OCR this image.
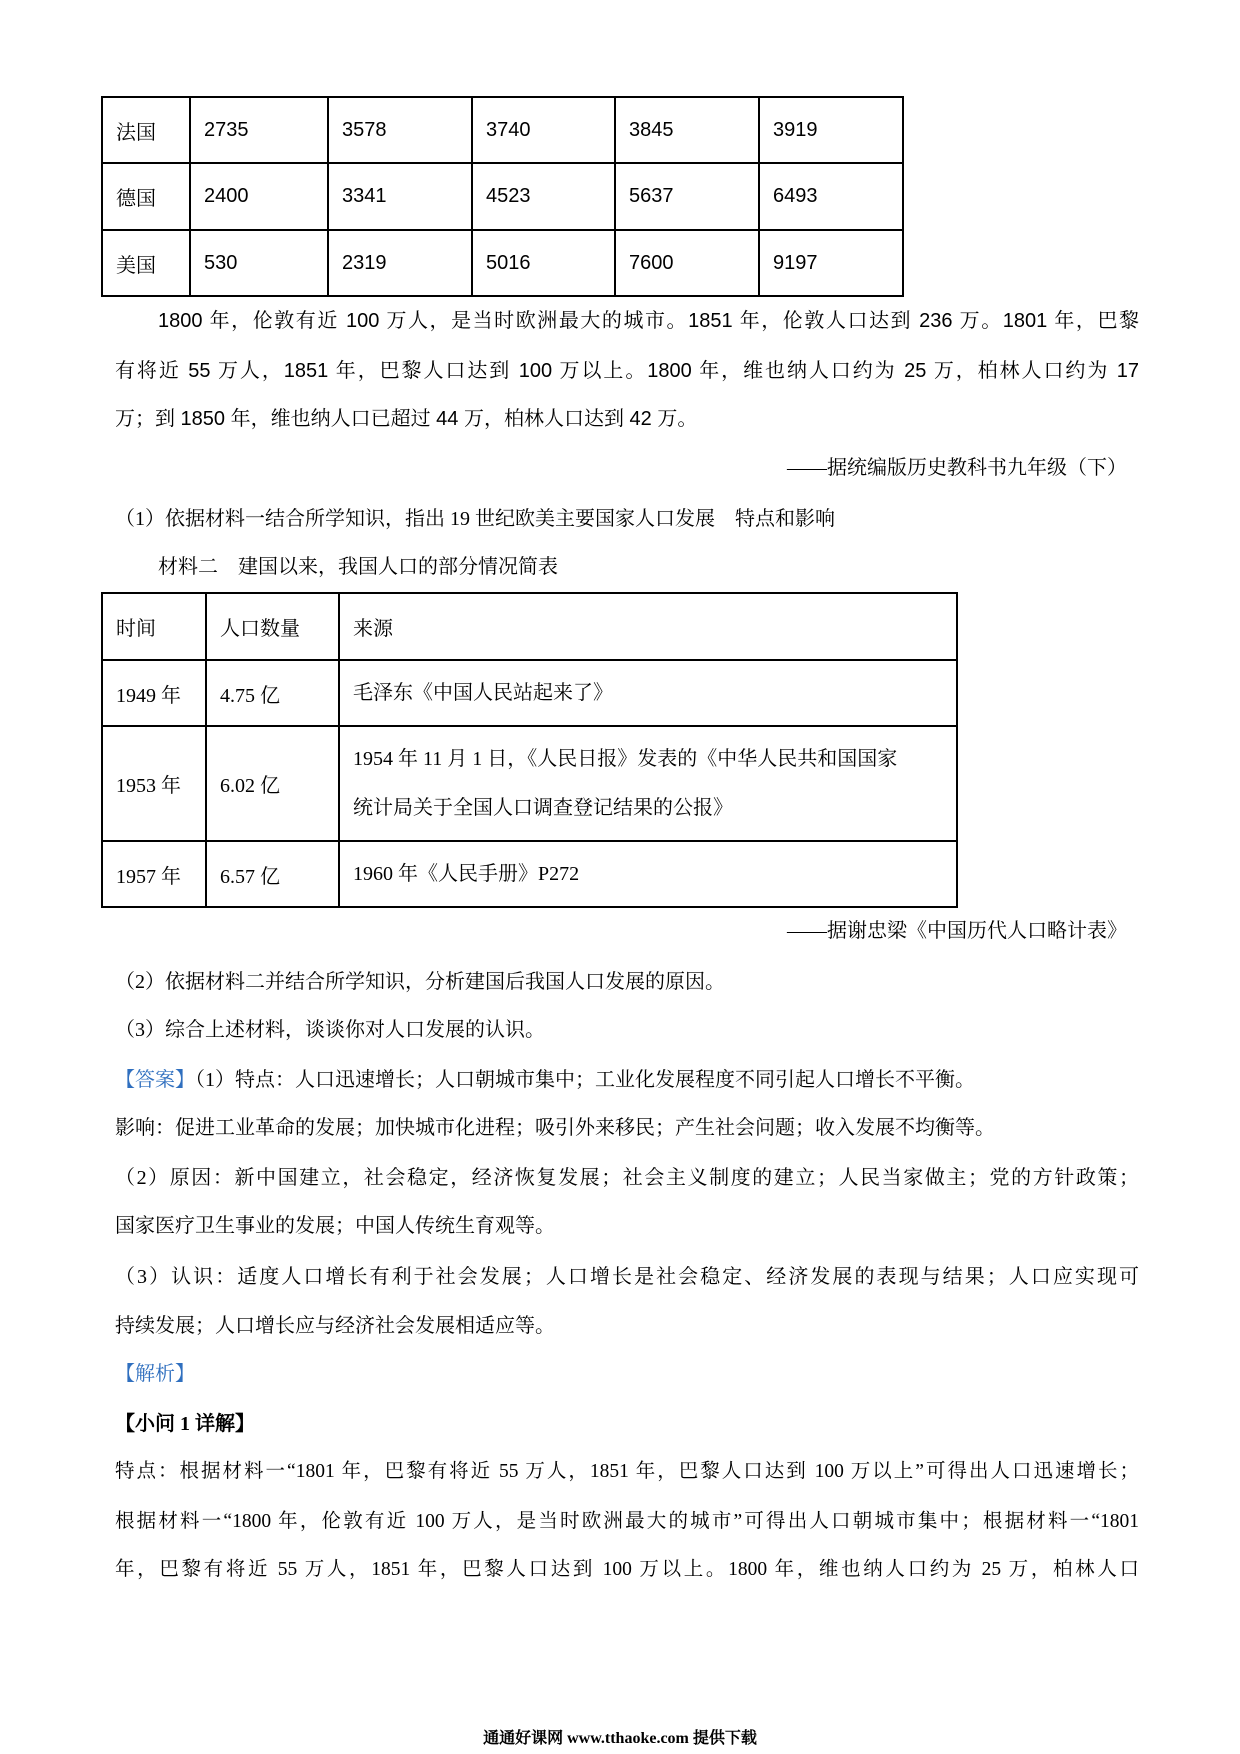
法国	2735	3578	3740	3845	3919
德国	2400	3341	4523	5637	6493
美国	530	2319	5016	7600	9197
1800 年，伦敦有近 100 万人，是当时欧洲最大的城市。1851 年，伦敦人口达到 236 万。1801 年，巴黎
有将近 55 万人，1851 年，巴黎人口达到 100 万以上。1800 年，维也纳人口约为 25 万，柏林人口约为 17
万；到 1850 年，维也纳人口已超过 44 万，柏林人口达到 42 万。
——据统编版历史教科书九年级（下）
（1）依据材料一结合所学知识，指出 19 世纪欧美主要国家人口发展　特点和影响
材料二　建国以来，我国人口的部分情况简表
时间	人口数量	来源
1949 年	4.75 亿	毛泽东《中国人民站起来了》

1953 年	6.02 亿	1954 年 11 月 1 日，《人民日报》发表的《中华人民共和国国家
统计局关于全国人口调查登记结果的公报》

1957 年	6.57 亿	1960 年《人民手册》P272
——据谢忠梁《中国历代人口略计表》
（2）依据材料二并结合所学知识，分析建国后我国人口发展的原因。
（3）综合上述材料，谈谈你对人口发展的认识。
【答案】（1）特点：人口迅速增长；人口朝城市集中；工业化发展程度不同引起人口增长不平衡。
影响：促进工业革命的发展；加快城市化进程；吸引外来移民；产生社会问题；收入发展不均衡等。
（2）原因：新中国建立，社会稳定，经济恢复发展；社会主义制度的建立；人民当家做主；党的方针政策；
国家医疗卫生事业的发展；中国人传统生育观等。
（3）认识：适度人口增长有利于社会发展；人口增长是社会稳定、经济发展的表现与结果；人口应实现可
持续发展；人口增长应与经济社会发展相适应等。
【解析】
【小问 1 详解】
特点：根据材料一“1801 年，巴黎有将近 55 万人，1851 年，巴黎人口达到 100 万以上”可得出人口迅速增长；
根据材料一“1800 年，伦敦有近 100 万人，是当时欧洲最大的城市”可得出人口朝城市集中；根据材料一“1801
年，巴黎有将近 55 万人，1851 年，巴黎人口达到 100 万以上。1800 年，维也纳人口约为 25 万，柏林人口
通通好课网 www.tthaoke.com 提供下载
